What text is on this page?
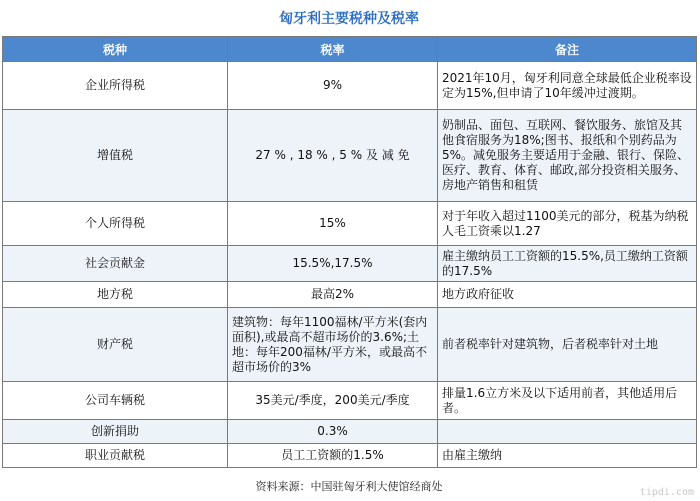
匈牙利主要税种及税率
税种	税率	备注
企业所得税	9%	2021年10月，匈牙利同意全球最低企业税率设定为15%,但申请了10年缓冲过渡期。
增值税	27 % , 18 % , 5 % 及 减 免	奶制品、面包、互联网、餐饮服务、旅馆及其他食宿服务为18%;图书、报纸和个别药品为5%。减免服务主要适用于金融、银行、保险、医疗、教育、体育、邮政,部分投资相关服务、房地产销售和租赁
个人所得税	15%	对于年收入超过1100美元的部分，税基为纳税人毛工资乘以1.27
社会贡献金	15.5%,17.5%	雇主缴纳员工工资额的15.5%,员工缴纳工资额的17.5%
地方税	最高2%	地方政府征收
财产税	建筑物：每年1100福林/平方米(套内面积),或最高不超市场价的3.6%;土地：每年200福林/平方米，或最高不超市场价的3%	前者税率针对建筑物，后者税率针对土地
公司车辆税	35美元/季度，200美元/季度	排量1.6立方米及以下适用前者，其他适用后者。
创新捐助	0.3%	
职业贡献税	员工工资额的1.5%	由雇主缴纳
资料来源：中国驻匈牙利大使馆经商处	tipdi.com
